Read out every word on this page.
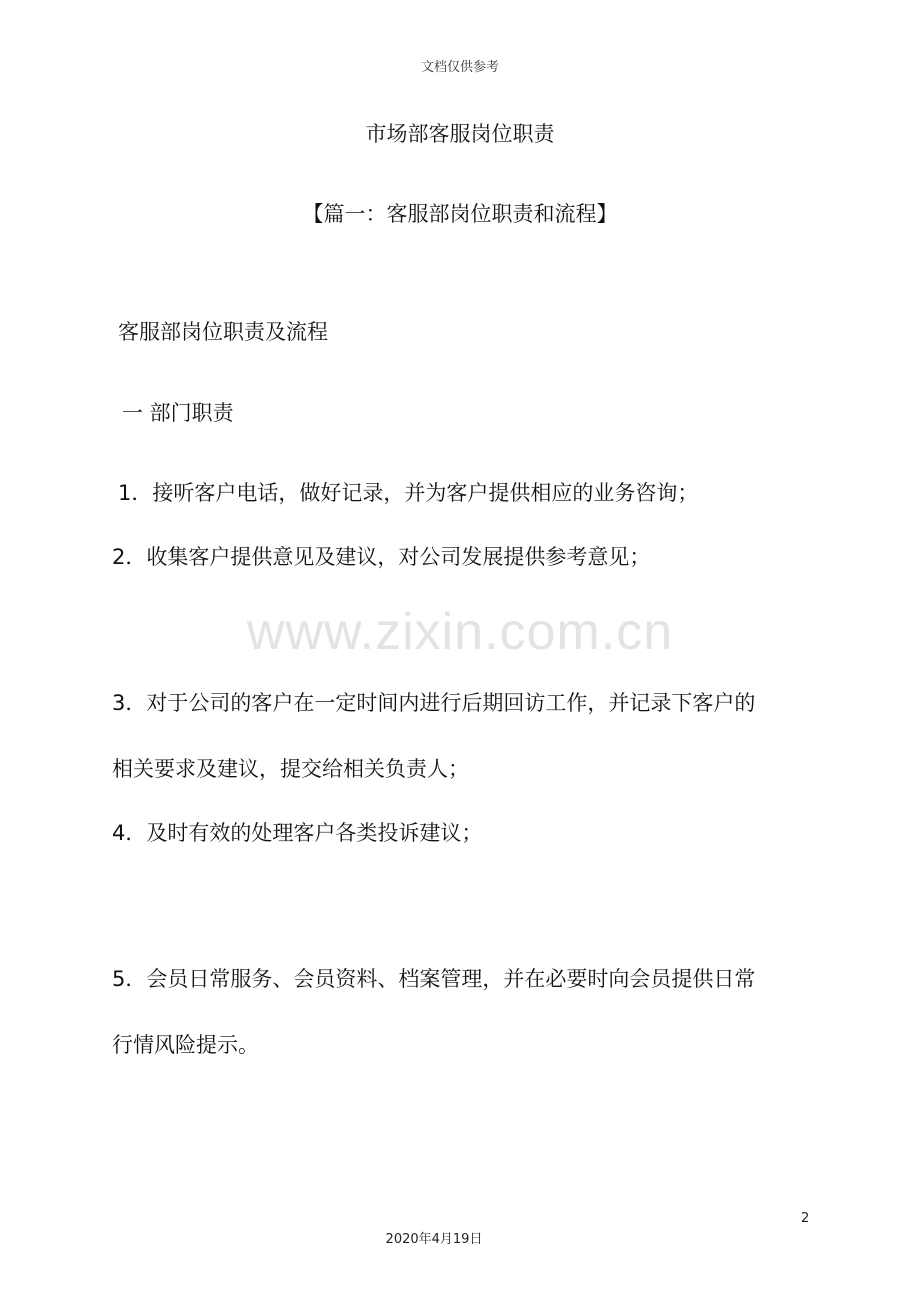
文档仅供参考
市场部客服岗位职责
【篇一：客服部岗位职责和流程】
客服部岗位职责及流程
一 部门职责
1．接听客户电话，做好记录，并为客户提供相应的业务咨询；
2．收集客户提供意见及建议，对公司发展提供参考意见；
www.zixin.com.cn
3．对于公司的客户在一定时间内进行后期回访工作，并记录下客户的
相关要求及建议，提交给相关负责人；
4．及时有效的处理客户各类投诉建议；
5．会员日常服务、会员资料、档案管理，并在必要时向会员提供日常
行情风险提示。
2
2020年4月19日
